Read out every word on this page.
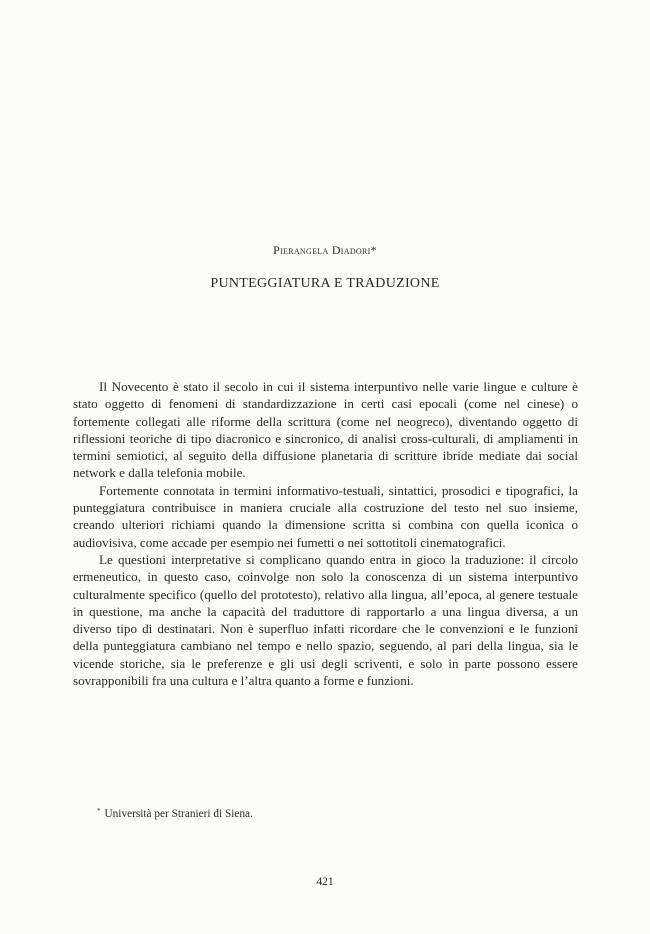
Pierangela Diadori*
PUNTEGGIATURA E TRADUZIONE

Il Novecento è stato il secolo in cui il sistema interpuntivo nelle varie lingue e culture è stato oggetto di fenomeni di standardizzazione in certi casi epocali (come nel cinese) o fortemente collegati alle riforme della scrittura (come nel neogreco), diventando oggetto di riflessioni teoriche di tipo diacronico e sincronico, di analisi cross-culturali, di ampliamenti in termini semiotici, al seguito della diffusione planetaria di scritture ibride mediate dai social network e dalla telefonia mobile.

Fortemente connotata in termini informativo-testuali, sintattici, prosodici e tipografici, la punteggiatura contribuisce in maniera cruciale alla costruzione del testo nel suo insieme, creando ulteriori richiami quando la dimensione scritta si combina con quella iconica o audiovisiva, come accade per esempio nei fumetti o nei sottotitoli cinematografici.

Le questioni interpretative si complicano quando entra in gioco la traduzione: il circolo ermeneutico, in questo caso, coinvolge non solo la conoscenza di un sistema interpuntivo culturalmente specifico (quello del prototesto), relativo alla lingua, all’epoca, al genere testuale in questione, ma anche la capacità del traduttore di rapportarlo a una lingua diversa, a un diverso tipo di destinatari. Non è superfluo infatti ricordare che le convenzioni e le funzioni della punteggiatura cambiano nel tempo e nello spazio, seguendo, al pari della lingua, sia le vicende storiche, sia le preferenze e gli usi degli scriventi, e solo in parte possono essere sovrapponibili fra una cultura e l’altra quanto a forme e funzioni.

* Università per Stranieri di Siena.
421
